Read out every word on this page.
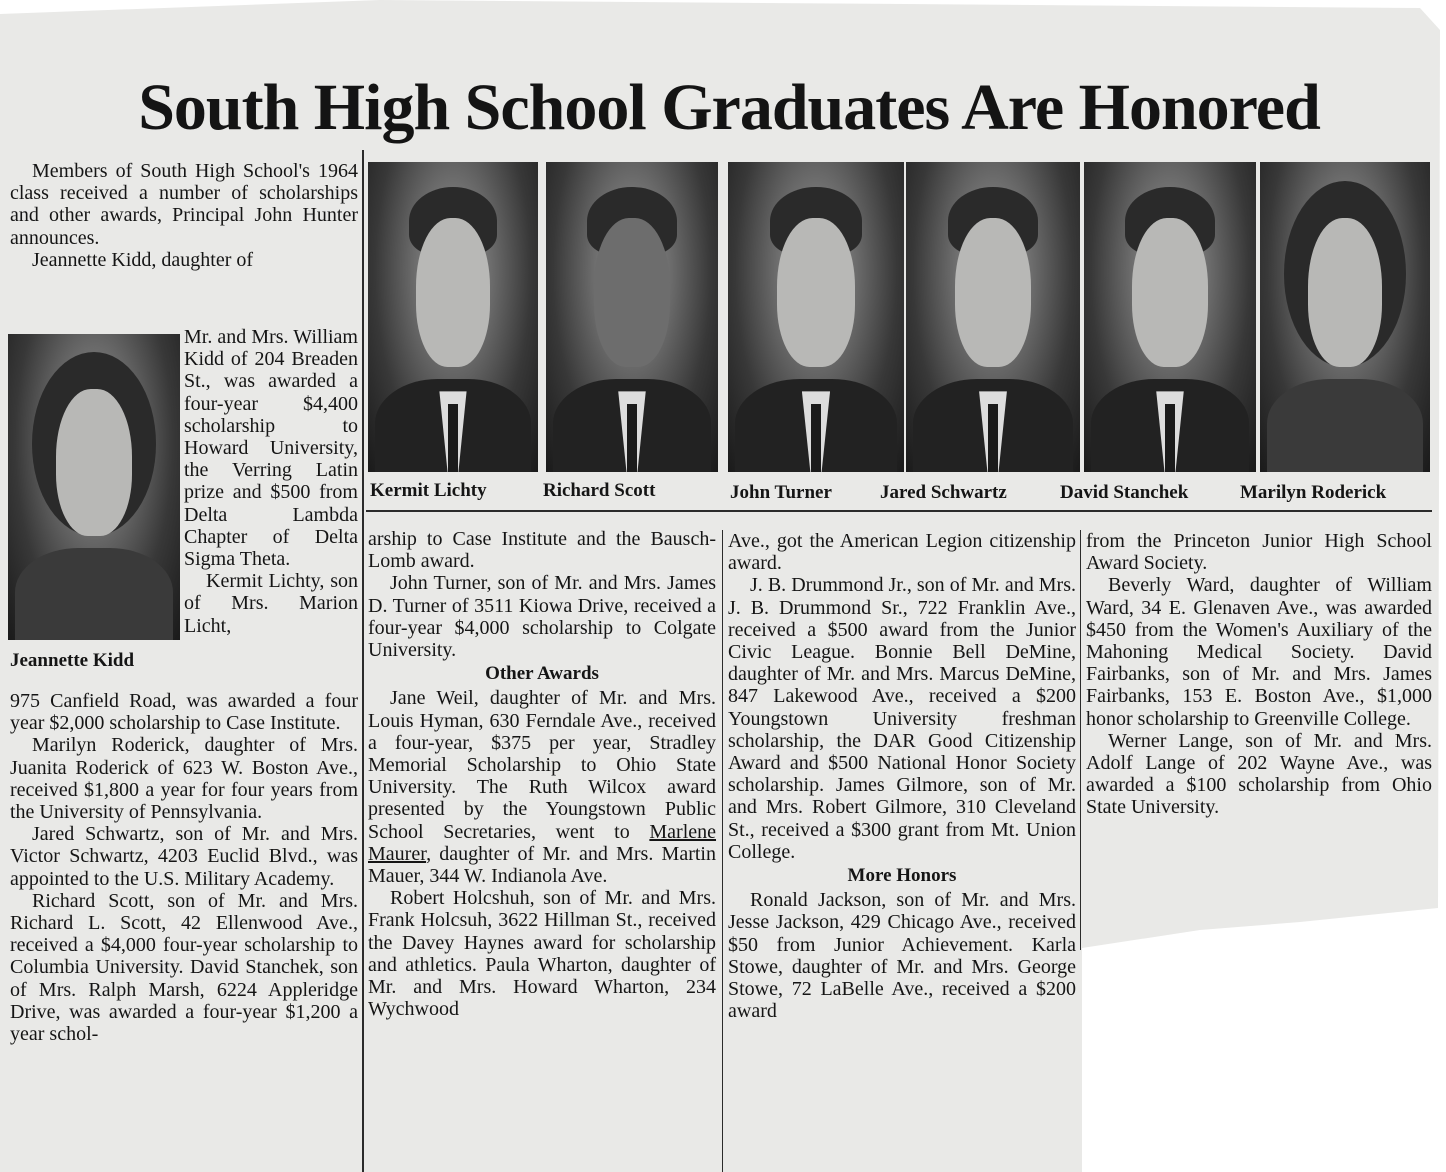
South High School Graduates Are Honored
Jeannette Kidd

Members of South High School's 1964 class received a number of scholarships and other awards, Principal John Hunter announces.

Jeannette Kidd, daughter of

Mr. and Mrs. William Kidd of 204 Breaden St., was awarded a four-year $4,400 scholarship to Howard University, the Verring Latin prize and $500 from Delta Lambda Chapter of Delta Sigma Theta.

Kermit Lichty, son of Mrs. Marion Licht,

975 Canfield Road, was awarded a four year $2,000 scholarship to Case Institute.

Marilyn Roderick, daughter of Mrs. Juanita Roderick of 623 W. Boston Ave., received $1,800 a year for four years from the University of Pennsylvania.

Jared Schwartz, son of Mr. and Mrs. Victor Schwartz, 4203 Euclid Blvd., was appointed to the U.S. Military Academy.

Richard Scott, son of Mr. and Mrs. Richard L. Scott, 42 Ellenwood Ave., received a $4,000 four-year scholarship to Columbia University. David Stanchek, son of Mrs. Ralph Marsh, 6224 Appleridge Drive, was awarded a four-year $1,200 a year schol-

Kermit Lichty	Richard Scott	John Turner	Jared Schwartz	David Stanchek	Marilyn Roderick

arship to Case Institute and the Bausch-Lomb award.

John Turner, son of Mr. and Mrs. James D. Turner of 3511 Kiowa Drive, received a four-year $4,000 scholarship to Colgate University.

Other Awards

Jane Weil, daughter of Mr. and Mrs. Louis Hyman, 630 Ferndale Ave., received a four-year, $375 per year, Stradley Memorial Scholarship to Ohio State University. The Ruth Wilcox award presented by the Youngstown Public School Secretaries, went to Marlene Maurer, daughter of Mr. and Mrs. Martin Mauer, 344 W. Indianola Ave.

Robert Holcshuh, son of Mr. and Mrs. Frank Holcsuh, 3622 Hillman St., received the Davey Haynes award for scholarship and athletics. Paula Wharton, daughter of Mr. and Mrs. Howard Wharton, 234 Wychwood

Ave., got the American Legion citizenship award.

J. B. Drummond Jr., son of Mr. and Mrs. J. B. Drummond Sr., 722 Franklin Ave., received a $500 award from the Junior Civic League. Bonnie Bell DeMine, daughter of Mr. and Mrs. Marcus DeMine, 847 Lakewood Ave., received a $200 Youngstown University freshman scholarship, the DAR Good Citizenship Award and $500 National Honor Society scholarship. James Gilmore, son of Mr. and Mrs. Robert Gilmore, 310 Cleveland St., received a $300 grant from Mt. Union College.

More Honors

Ronald Jackson, son of Mr. and Mrs. Jesse Jackson, 429 Chicago Ave., received $50 from Junior Achievement. Karla Stowe, daughter of Mr. and Mrs. George Stowe, 72 LaBelle Ave., received a $200 award

from the Princeton Junior High School Award Society.

Beverly Ward, daughter of William Ward, 34 E. Glenaven Ave., was awarded $450 from the Women's Auxiliary of the Mahoning Medical Society. David Fairbanks, son of Mr. and Mrs. James Fairbanks, 153 E. Boston Ave., $1,000 honor scholarship to Greenville College.

Werner Lange, son of Mr. and Mrs. Adolf Lange of 202 Wayne Ave., was awarded a $100 scholarship from Ohio State University.
